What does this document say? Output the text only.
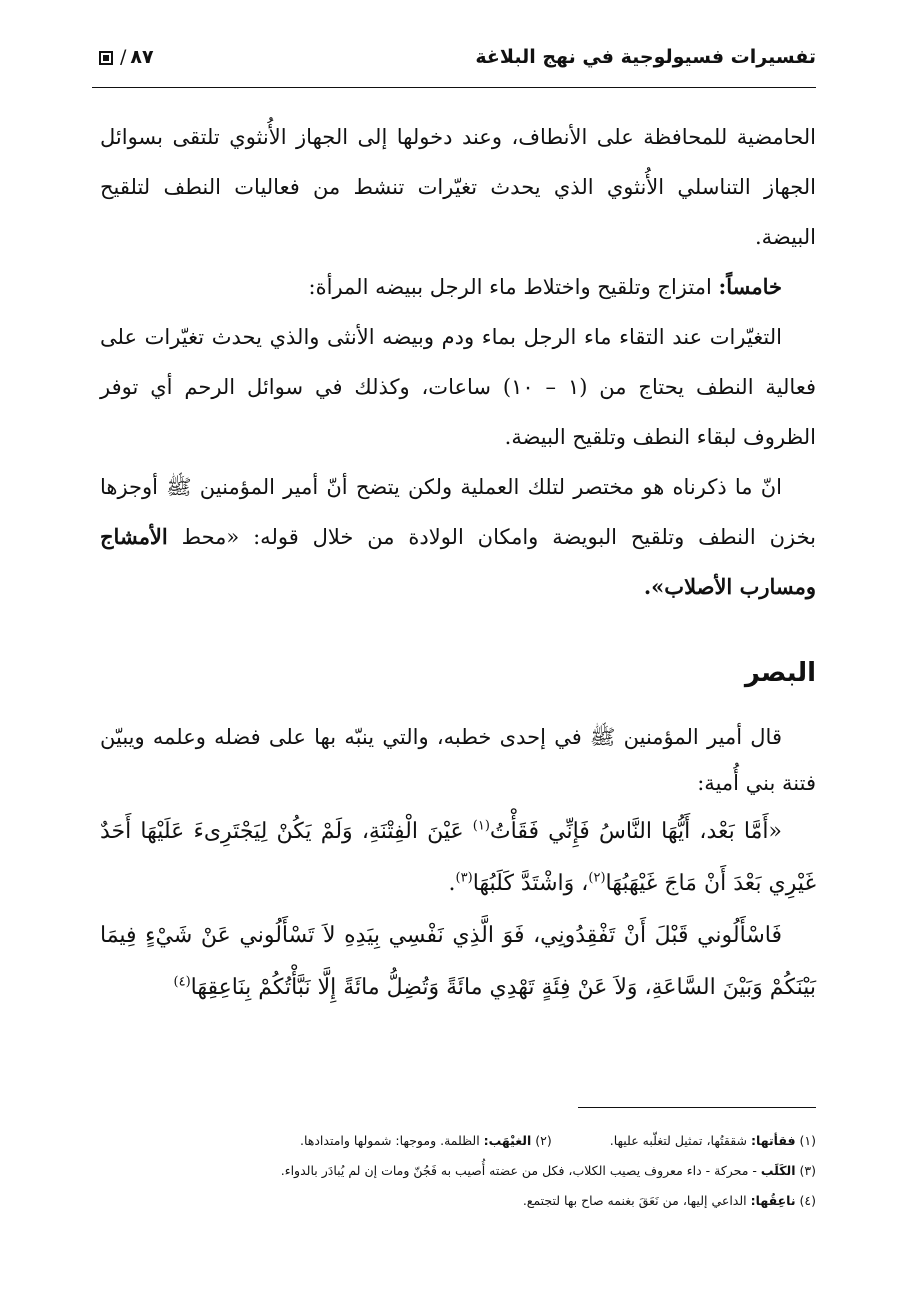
تفسيرات فسيولوجية في نهج البلاغة
٨٧/

الحامضية للمحافظة على الأنطاف، وعند دخولها إلى الجهاز الأُنثوي تلتقى بسوائل الجهاز التناسلي الأُنثوي الذي يحدث تغيّرات تنشط من فعاليات النطف لتلقيح البيضة.

خامساً: امتزاج وتلقيح واختلاط ماء الرجل ببيضه المرأة:

التغيّرات عند التقاء ماء الرجل بماء ودم وبيضه الأنثى والذي يحدث تغيّرات على فعالية النطف يحتاج من (١ – ١٠) ساعات، وكذلك في سوائل الرحم أي توفر الظروف لبقاء النطف وتلقيح البيضة.

انّ ما ذكرناه هو مختصر لتلك العملية ولكن يتضح أنّ أمير المؤمنين ﷺ أوجزها بخزن النطف وتلقيح البويضة وامكان الولادة من خلال قوله: «محط الأمشاج ومسارب الأصلاب».

البصر

قال أمير المؤمنين ﷺ في إحدى خطبه، والتي ينبّه بها على فضله وعلمه ويبيّن فتنة بني أُمية:

«أَمَّا بَعْد، أَيُّهَا النَّاسُ فَإِنِّي فَقَأْتُ$^{(١)}$ عَيْنَ الْفِتْنَةِ، وَلَمْ يَكُنْ لِيَجْتَرِىءَ عَلَيْهَا أَحَدٌ غَيْرِي بَعْدَ أَنْ مَاجَ غَيْهَبُهَا$^{(٢)}$، وَاشْتَدَّ كَلَبُهَا$^{(٣)}$.

فَاسْأَلُوني قَبْلَ أَنْ تَفْقِدُونِي، فَوَ الَّذِي نَفْسِي بِيَدِهِ لاَ تَسْأَلُوني عَنْ شَيْءٍ فِيمَا بَيْنَكُمْ وَبَيْنَ السَّاعَةِ، وَلاَ عَنْ فِئَةٍ تَهْدِي مائَةً وَتُضِلُّ مائَةً إِلَّا نَبَّأْتُكُمْ بِنَاعِقِهَا$^{(٤)}$

(١) فقأتها: شققتُها، تمثيل لتغلّبه عليها.  (٢) الغيْهَب: الظلمة. وموجها: شمولها وامتدادها.
(٣) الكَلَب - محركة - داء معروف يصيب الكلاب، فكل من عضته أُصيب به فَجُنّ ومات إن لم يُبادَر بالدواء.
(٤) ناعِقُها: الداعي إليها، من نَعَقَ بغنمه صاح بها لتجتمع.
